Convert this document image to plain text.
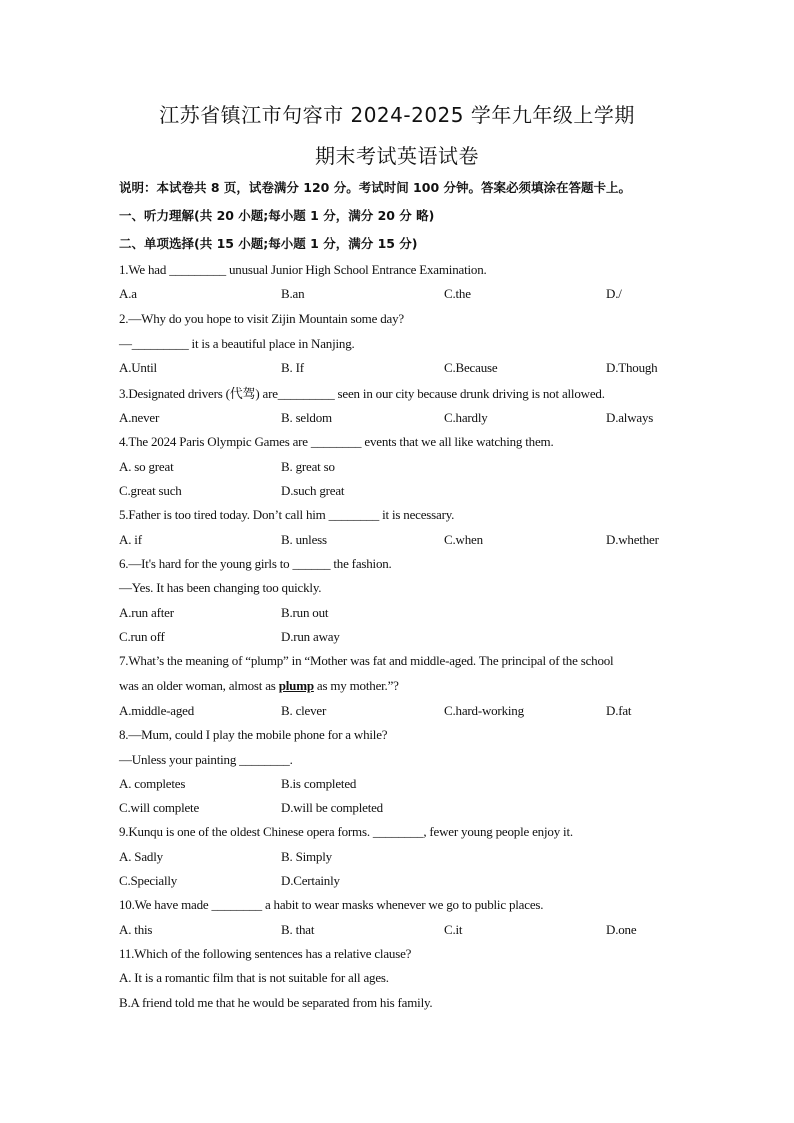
江苏省镇江市句容市 2024-2025 学年九年级上学期
期末考试英语试卷
说明：本试卷共 8 页，试卷满分 120 分。考试时间 100 分钟。答案必须填涂在答题卡上。
一、听力理解(共 20 小题;每小题 1 分，满分 20 分 略)
二、单项选择(共 15 小题;每小题 1 分，满分 15 分)
1.We had _________ unusual Junior High School Entrance Examination.
A.a	B.an	C.the	D./
2.—Why do you hope to visit Zijin Mountain some day?
—_________ it is a beautiful place in Nanjing.
A.Until	B. If	C.Because	D.Though
3.Designated drivers (代驾) are_________ seen in our city because drunk driving is not allowed.
A.never	B. seldom	C.hardly	D.always
4.The 2024 Paris Olympic Games are ________ events that we all like watching them.
A. so great	B. great so
C.great such	D.such great
5.Father is too tired today. Don’t call him ________ it is necessary.
A. if	B. unless	C.when	D.whether
6.—It's hard for the young girls to ______ the fashion.
—Yes. It has been changing too quickly.
A.run after	B.run out
C.run off	D.run away
7.What’s the meaning of “plump” in “Mother was fat and middle-aged. The principal of the school
was an older woman, almost as plump as my mother.”?
A.middle-aged	B. clever	C.hard-working	D.fat
8.—Mum, could I play the mobile phone for a while?
—Unless your painting ________.
A. completes	B.is completed
C.will complete	D.will be completed
9.Kunqu is one of the oldest Chinese opera forms. ________, fewer young people enjoy it.
A. Sadly	B. Simply
C.Specially	D.Certainly
10.We have made ________ a habit to wear masks whenever we go to public places.
A. this	B. that	C.it	D.one
11.Which of the following sentences has a relative clause?
A. It is a romantic film that is not suitable for all ages.
B.A friend told me that he would be separated from his family.
